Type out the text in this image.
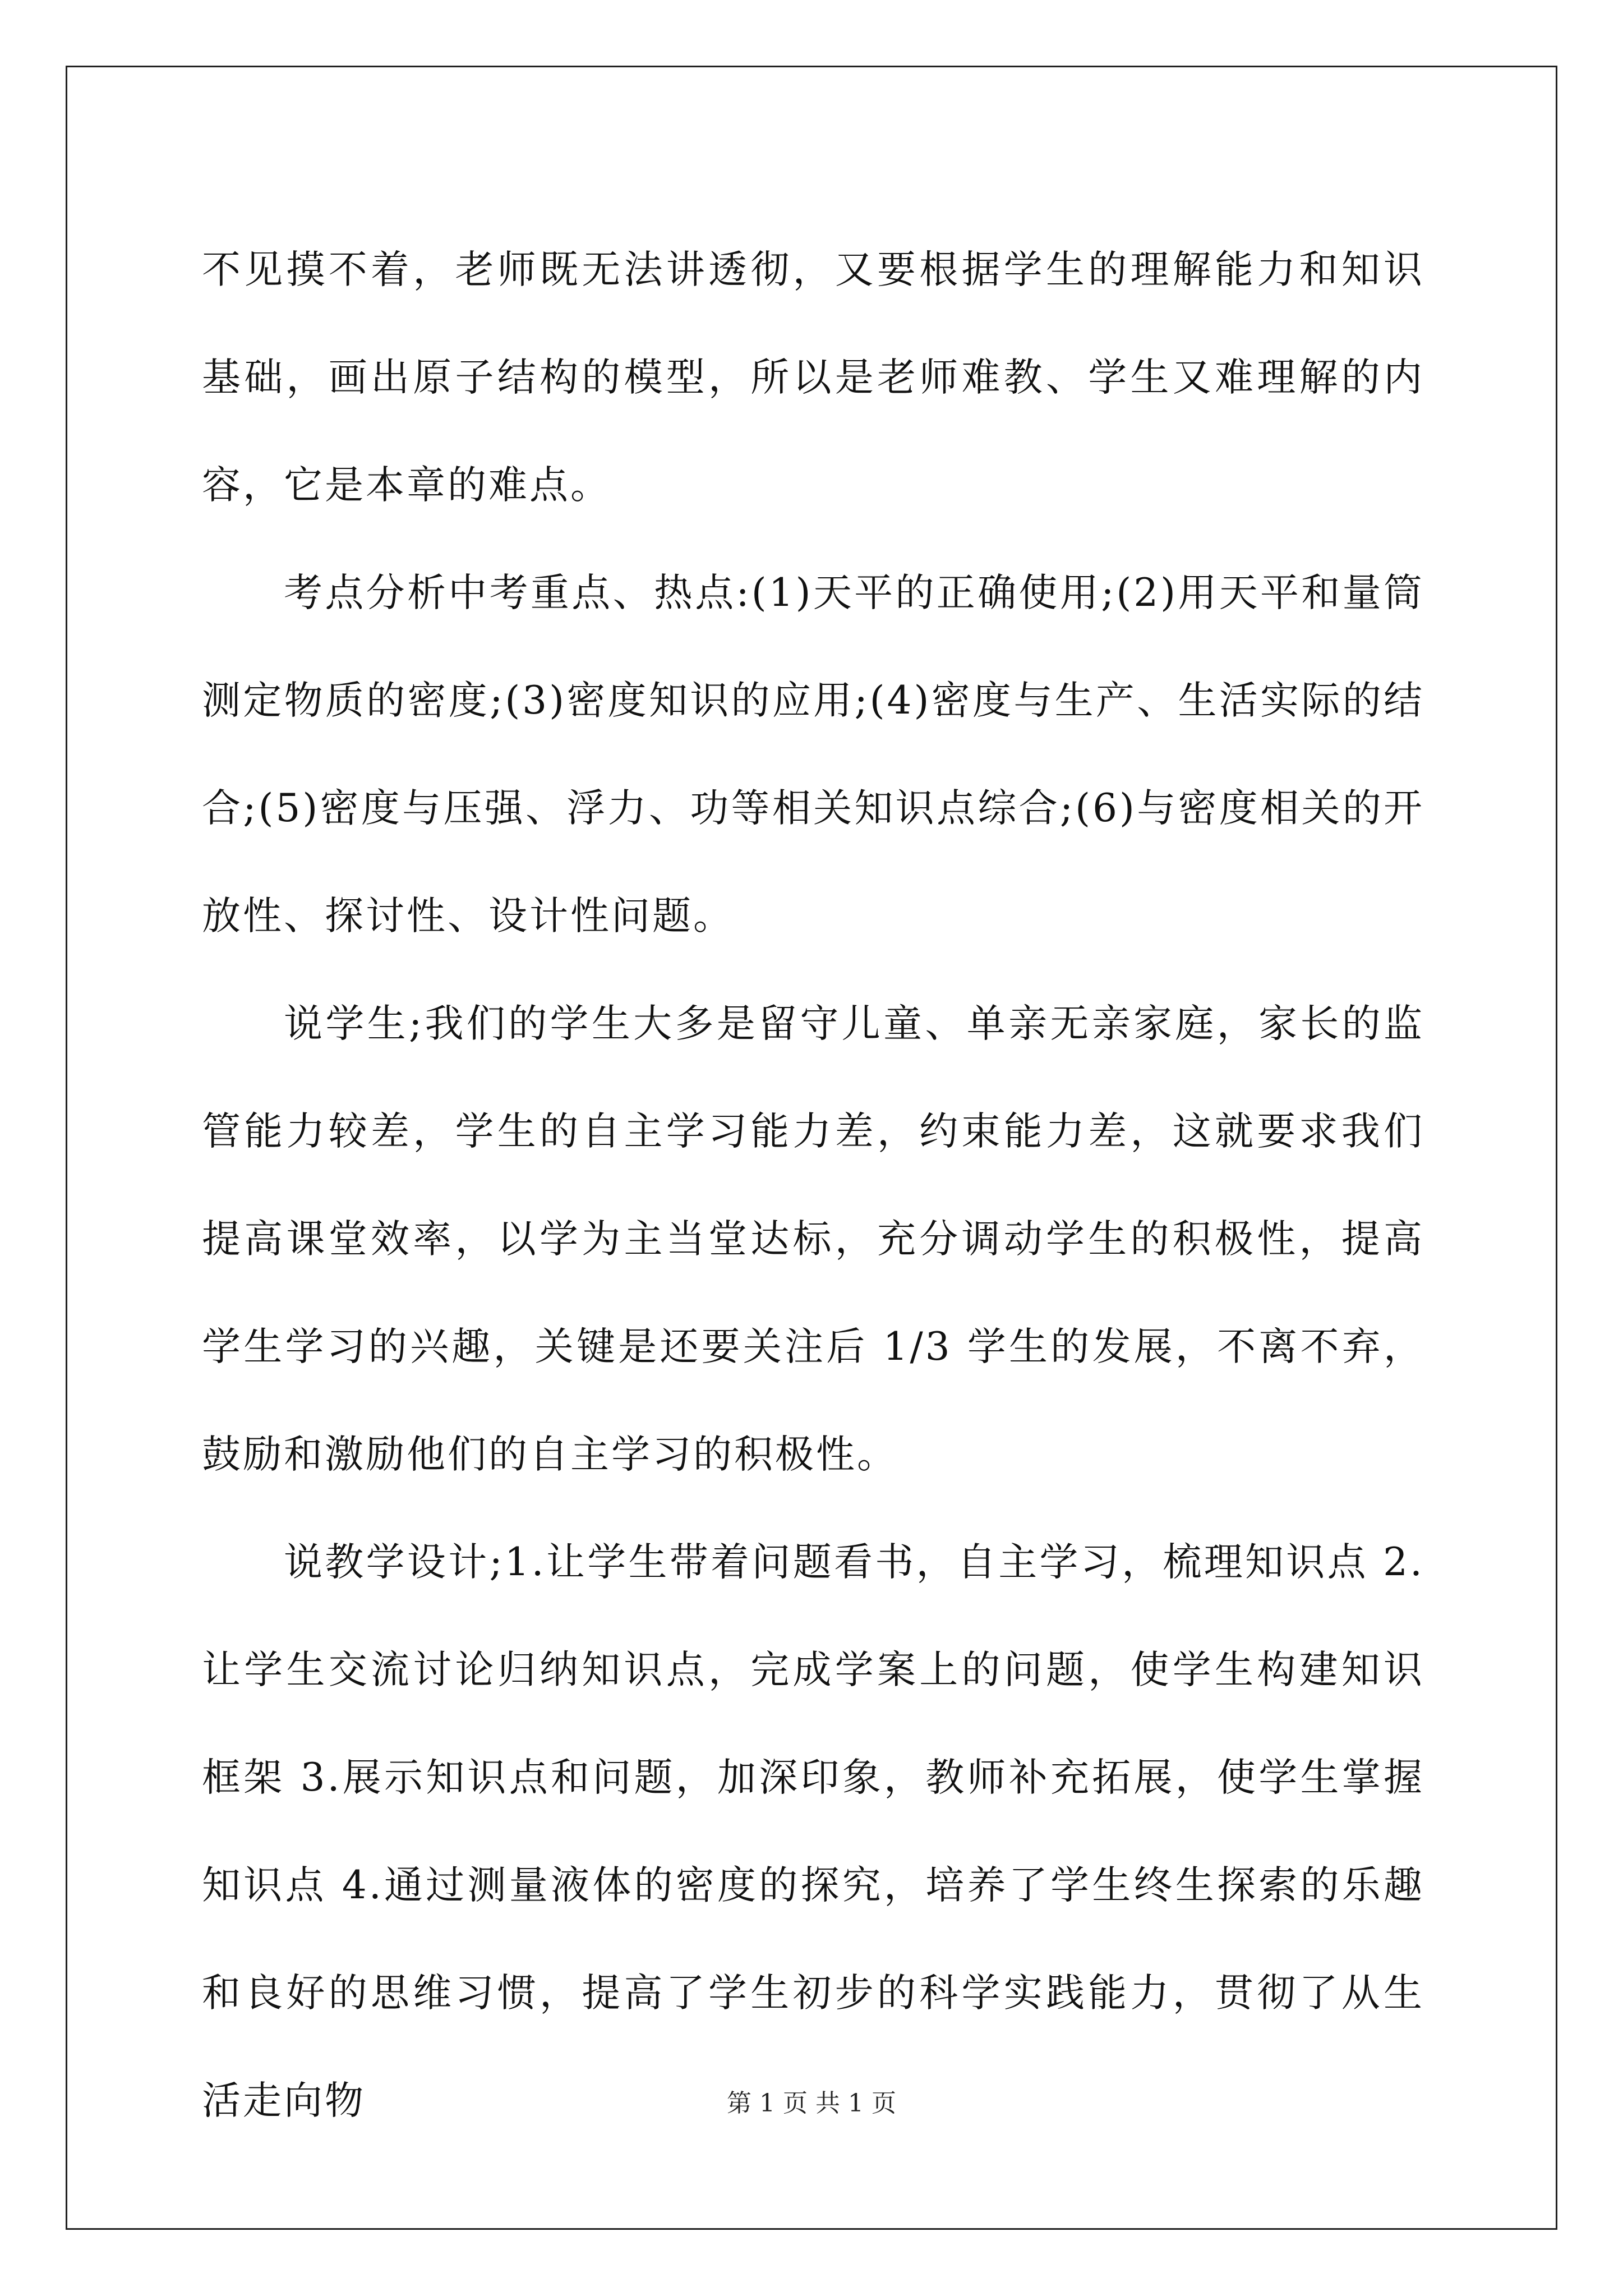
不见摸不着，老师既无法讲透彻，又要根据学生的理解能力和知识基础，画出原子结构的模型，所以是老师难教、学生又难理解的内容，它是本章的难点。

考点分析中考重点、热点:(1)天平的正确使用;(2)用天平和量筒测定物质的密度;(3)密度知识的应用;(4)密度与生产、生活实际的结合;(5)密度与压强、浮力、功等相关知识点综合;(6)与密度相关的开放性、探讨性、设计性问题。

说学生;我们的学生大多是留守儿童、单亲无亲家庭，家长的监管能力较差，学生的自主学习能力差，约束能力差，这就要求我们提高课堂效率，以学为主当堂达标，充分调动学生的积极性，提高学生学习的兴趣，关键是还要关注后 1/3 学生的发展，不离不弃，鼓励和激励他们的自主学习的积极性。

说教学设计;1.让学生带着问题看书，自主学习，梳理知识点 2.让学生交流讨论归纳知识点，完成学案上的问题，使学生构建知识框架 3.展示知识点和问题，加深印象，教师补充拓展，使学生掌握知识点 4.通过测量液体的密度的探究，培养了学生终生探索的乐趣和良好的思维习惯，提高了学生初步的科学实践能力，贯彻了从生活走向物	第 1 页 共 1 页
